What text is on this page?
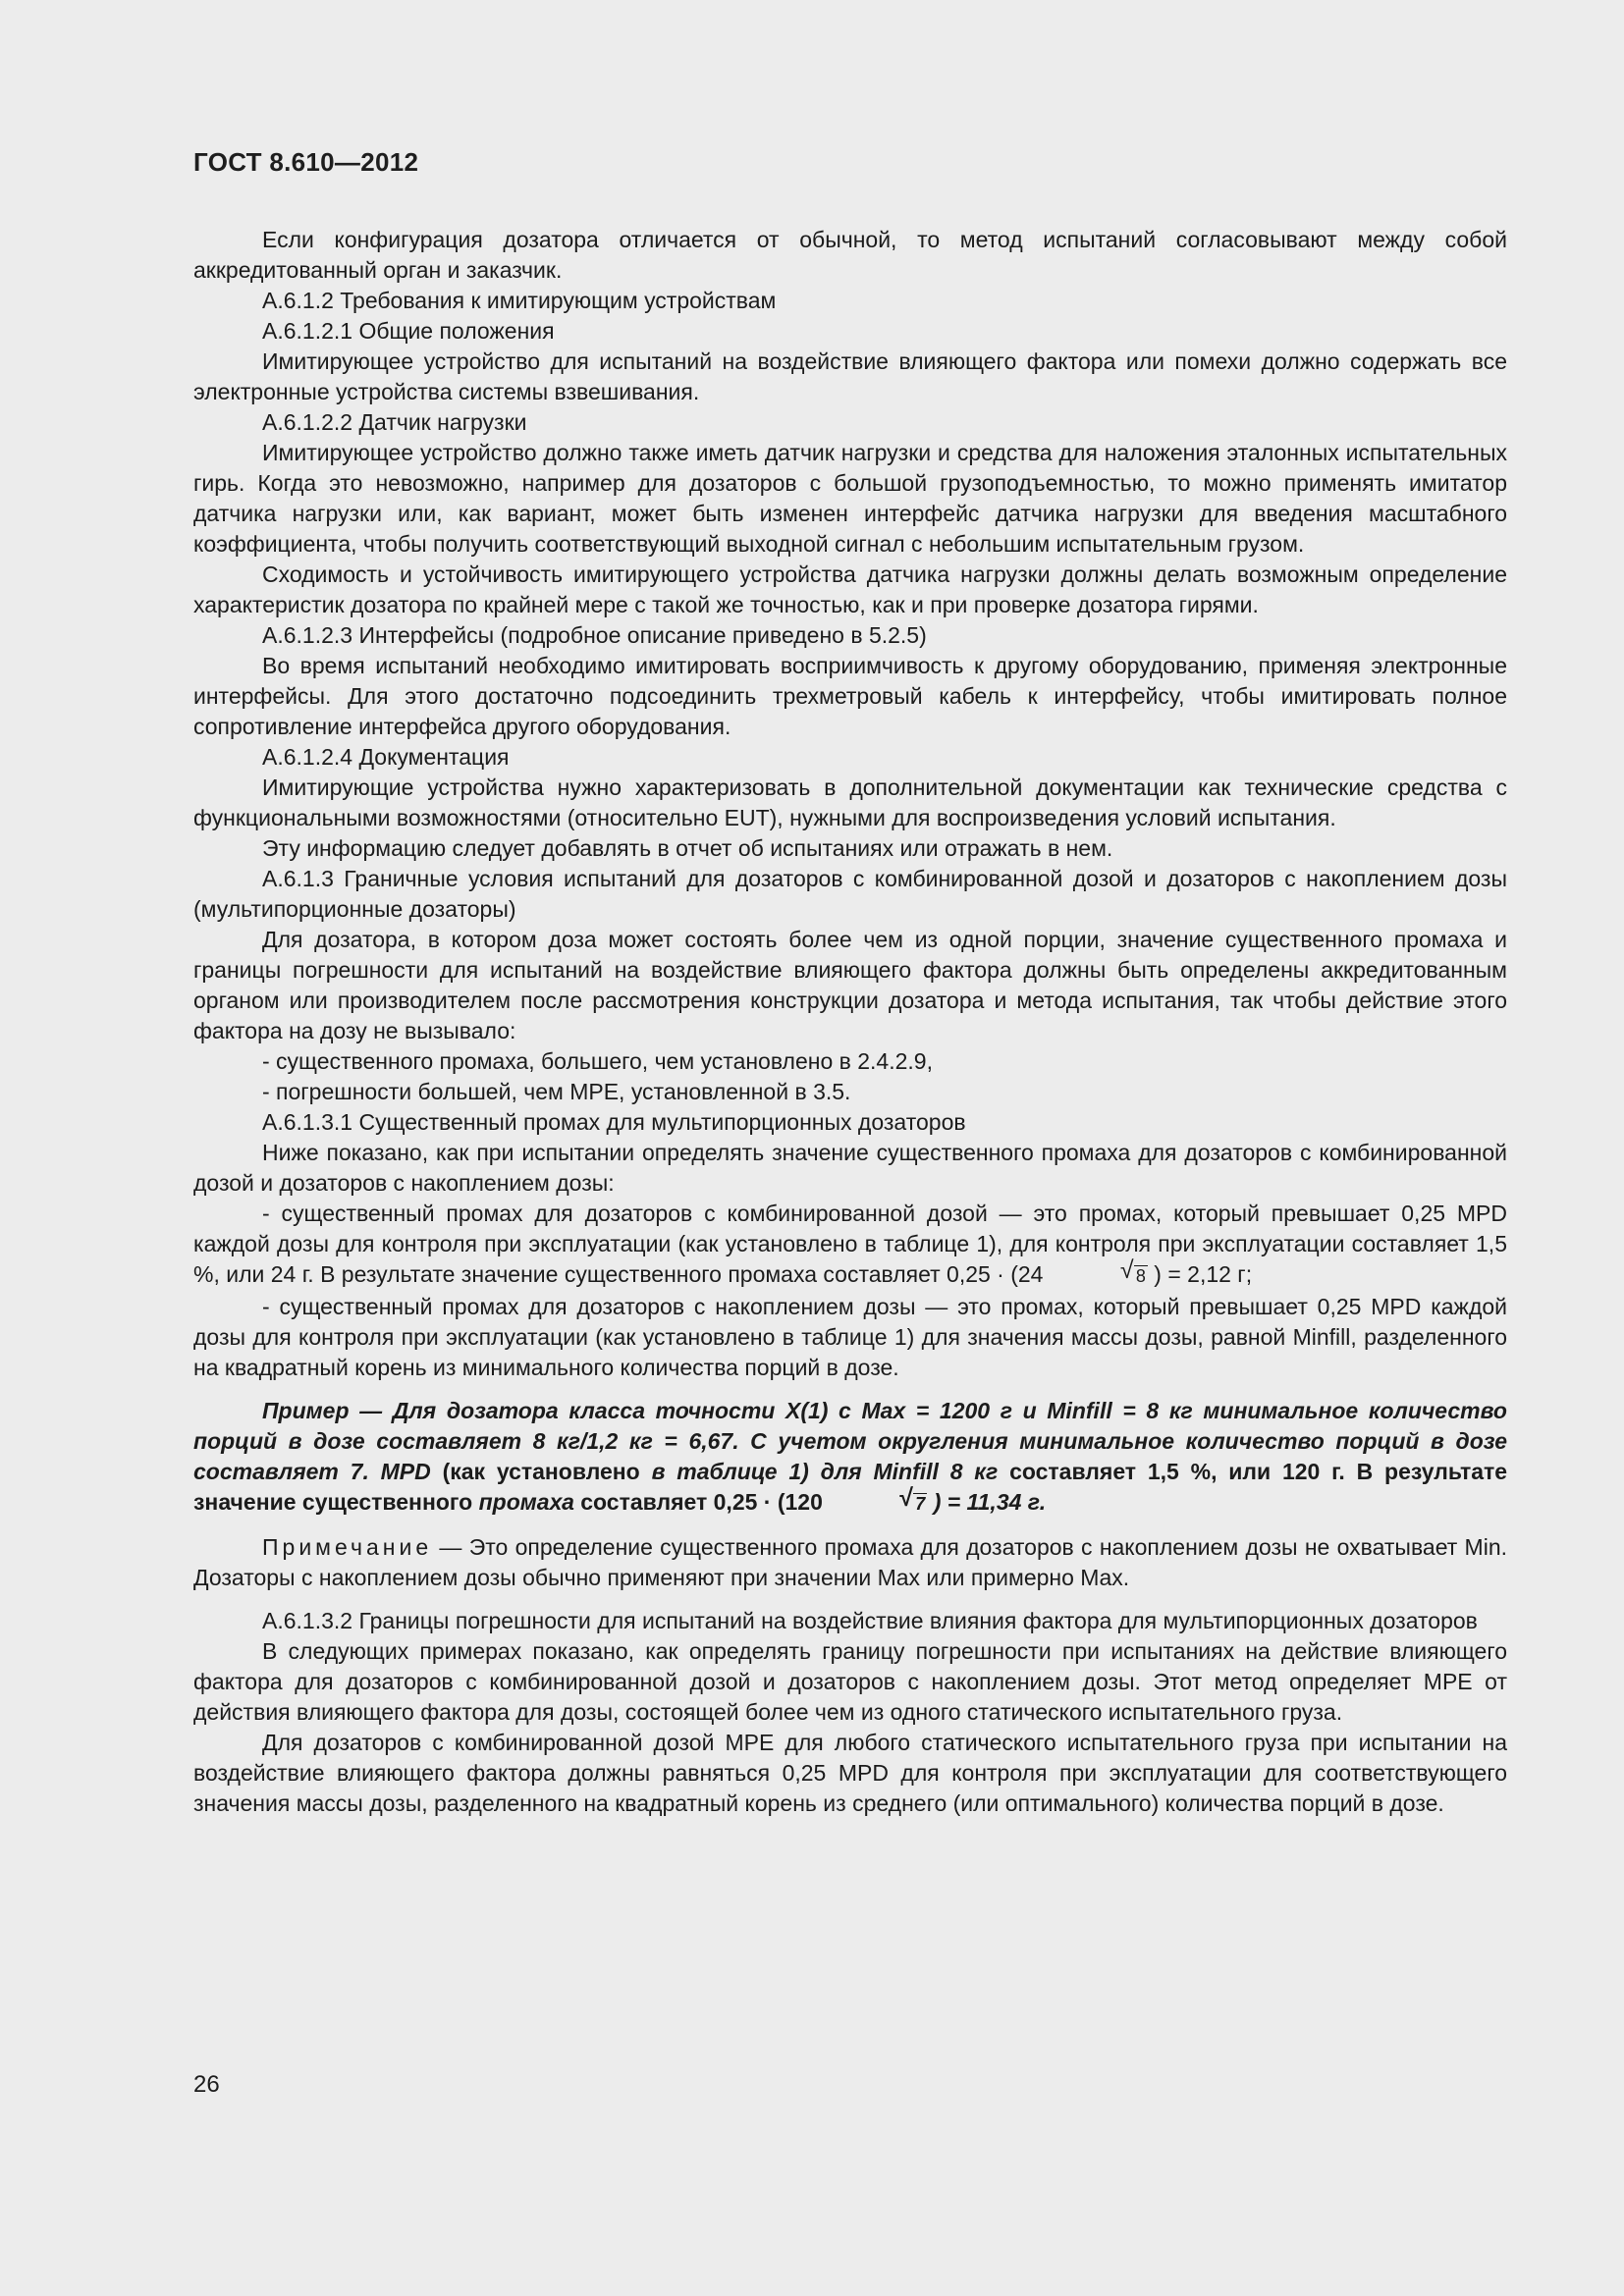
ГОСТ 8.610—2012

Если конфигурация дозатора отличается от обычной, то метод испытаний согласовывают между собой аккредитованный орган и заказчик.

А.6.1.2 Требования к имитирующим устройствам

А.6.1.2.1 Общие положения

Имитирующее устройство для испытаний на воздействие влияющего фактора или помехи должно содержать все электронные устройства системы взвешивания.

А.6.1.2.2 Датчик нагрузки

Имитирующее устройство должно также иметь датчик нагрузки и средства для наложения эталонных испытательных гирь. Когда это невозможно, например для дозаторов с большой грузоподъемностью, то можно применять имитатор датчика нагрузки или, как вариант, может быть изменен интерфейс датчика нагрузки для введения масштабного коэффициента, чтобы получить соответствующий выходной сигнал с небольшим испытательным грузом.

Сходимость и устойчивость имитирующего устройства датчика нагрузки должны делать возможным определение характеристик дозатора по крайней мере с такой же точностью, как и при проверке дозатора гирями.

А.6.1.2.3 Интерфейсы (подробное описание приведено в 5.2.5)

Во время испытаний необходимо имитировать восприимчивость к другому оборудованию, применяя электронные интерфейсы. Для этого достаточно подсоединить трехметровый кабель к интерфейсу, чтобы имитировать полное сопротивление интерфейса другого оборудования.

А.6.1.2.4 Документация

Имитирующие устройства нужно характеризовать в дополнительной документации как технические средства с функциональными возможностями (относительно EUT), нужными для воспроизведения условий испытания.

Эту информацию следует добавлять в отчет об испытаниях или отражать в нем.

А.6.1.3 Граничные условия испытаний для дозаторов с комбинированной дозой и дозаторов с накоплением дозы (мультипорционные дозаторы)

Для дозатора, в котором доза может состоять более чем из одной порции, значение существенного промаха и границы погрешности для испытаний на воздействие влияющего фактора должны быть определены аккредитованным органом или производителем после рассмотрения конструкции дозатора и метода испытания, так чтобы действие этого фактора на дозу не вызывало:

- существенного промаха, большего, чем установлено в 2.4.2.9,

- погрешности большей, чем MPE, установленной в 3.5.

А.6.1.3.1 Существенный промах для мультипорционных дозаторов

Ниже показано, как при испытании определять значение существенного промаха для дозаторов с комбинированной дозой и дозаторов с накоплением дозы:

- существенный промах для дозаторов с комбинированной дозой — это промах, который превышает 0,25 MPD каждой дозы для контроля при эксплуатации (как установлено в таблице 1), для контроля при эксплуатации составляет 1,5 %, или 24 г. В результате значение существенного промаха составляет 0,25 · (24	√ 8 ) = 2,12 г;

- существенный промах для дозаторов с накоплением дозы — это промах, который превышает 0,25 MPD каждой дозы для контроля при эксплуатации (как установлено в таблице 1) для значения массы дозы, равной Minfill, разделенного на квадратный корень из минимального количества порций в дозе.

Пример — Для дозатора класса точности X(1) с Max = 1200 г и Minfill = 8 кг минимальное количество порций в дозе составляет 8 кг/1,2 кг = 6,67. С учетом округления минимальное количество порций в дозе составляет 7. MPD (как установлено в таблице 1) для Minfill 8 кг составляет 1,5 %, или 120 г. В результате значение существенного промаха составляет 0,25 · (120	√ 7 ) = 11,34 г.

Примечание — Это определение существенного промаха для дозаторов с накоплением дозы не охватывает Min. Дозаторы с накоплением дозы обычно применяют при значении Max или примерно Max.

А.6.1.3.2 Границы погрешности для испытаний на воздействие влияния фактора для мультипорционных дозаторов

В следующих примерах показано, как определять границу погрешности при испытаниях на действие влияющего фактора для дозаторов с комбинированной дозой и дозаторов с накоплением дозы. Этот метод определяет MPE от действия влияющего фактора для дозы, состоящей более чем из одного статического испытательного груза.

Для дозаторов с комбинированной дозой MPE для любого статического испытательного груза при испытании на воздействие влияющего фактора должны равняться 0,25 MPD для контроля при эксплуатации для соответствующего значения массы дозы, разделенного на квадратный корень из среднего (или оптимального) количества порций в дозе.

26
